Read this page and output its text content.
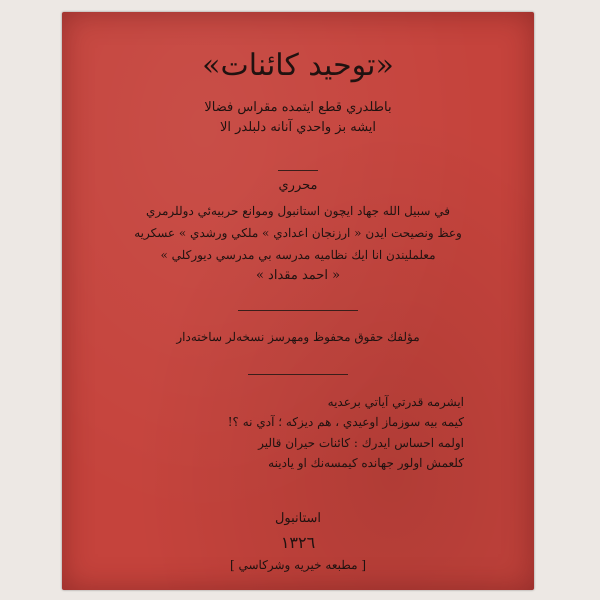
«توحيد كائنات»
باطلدري قطع ايتمده مقراس فضالا
ايشه بز واحدي آنانه دلبلدر الا
محرري
في سبيل الله جهاد ايچون استانبول وموانع حربيه‌ئي دوللرمري
وعظ ونصيحت ايدن « ارزنجان اعدادي » ملكي ورشدي » عسكريه
معلمليندن انا ايك نظاميه مدرسه بي مدرسي ديوركلي »
« احمد مقداد »
مؤلفك حقوق محفوظ ومهرسز نسخه‌لر ساخته‌دار
ايشرمه قدرتي آياتي برعديه
كيمه بيه سوزماز اوعيدي ، هم ديزكه ؛ آدي نه ؟!
اولمه احساس ايدرك : كائنات حيران قالير
كلعمش اولور جهانده كيمسه‌نك او يادينه
استانبول
١٣٢٦
[ مطبعه خيريه وشركاسي ]
